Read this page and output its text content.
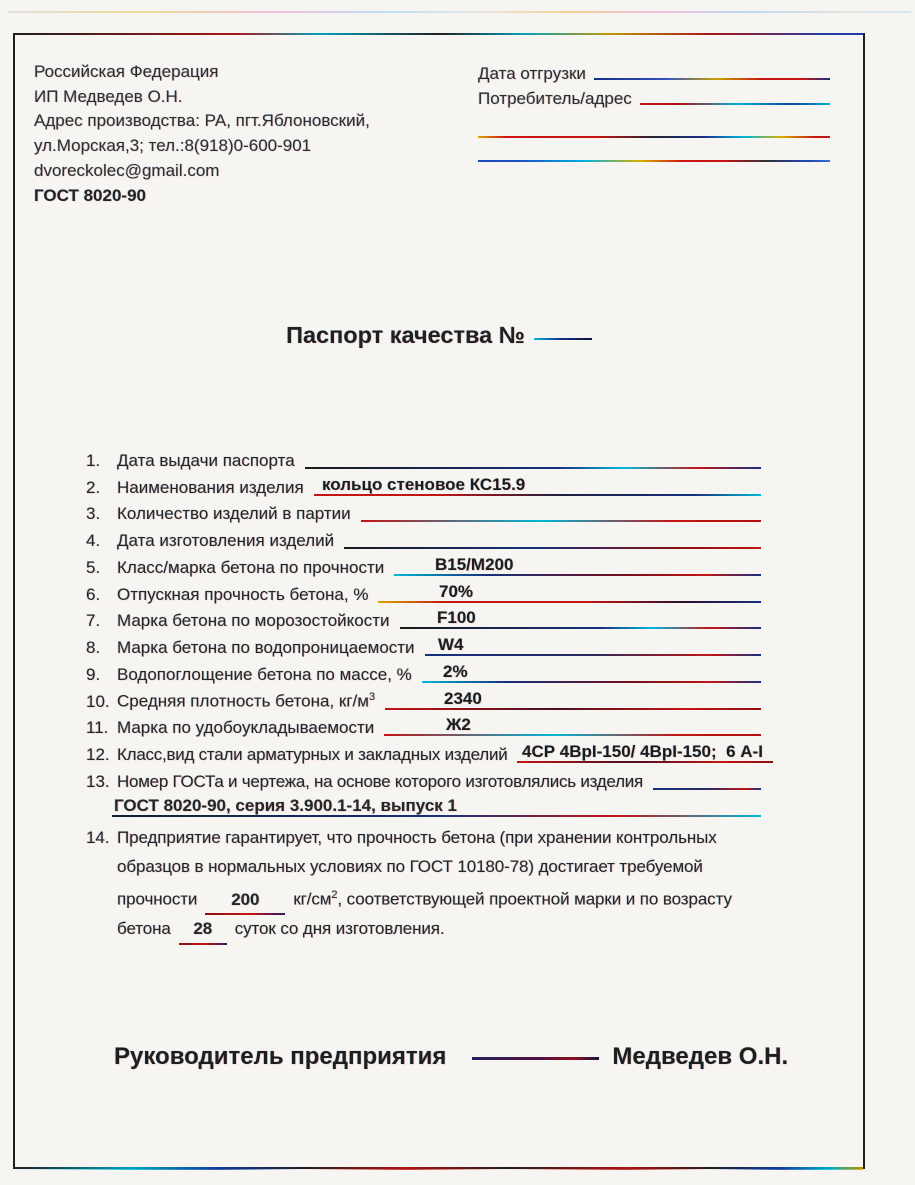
Российская Федерация
ИП Медведев О.Н.
Адрес производства: РА, пгт.Яблоновский,
ул.Морская,3; тел.:8(918)0-600-901
dvoreckolec@gmail.com
ГОСТ 8020-90
Дата отгрузки
Потребитель/адрес
Паспорт качества №
1. Дата выдачи паспорта
2. Наименования изделия	кольцо стеновое КС15.9
3. Количество изделий в партии
4. Дата изготовления изделий
5. Класс/марка бетона по прочности	B15/M200
6. Отпускная прочность бетона, %	70%
7. Марка бетона по морозостойкости	F100
8. Марка бетона по водопроницаемости	W4
9. Водопоглощение бетона по массе, %	2%
10. Средняя плотность бетона, $кг/м^3$	2340
11. Марка по удобоукладываемости	Ж2
12. Класс,вид стали арматурных и закладных изделий 4СР 4ВрI-150/ 4ВрI-150;  6 А-I
13. Номер ГОСТа и чертежа, на основе которого изготовлялись изделия
ГОСТ 8020-90, серия 3.900.1-14, выпуск 1
14. Предприятие гарантирует, что прочность бетона (при хранении контрольных
образцов в нормальных условиях по ГОСТ 10180-78) достигает требуемой
прочности 200 $кг/см^2$, соответствующей проектной марки и по возрасту
бетона 28 суток со дня изготовления.
Руководитель предприятия	Медведев О.Н.
